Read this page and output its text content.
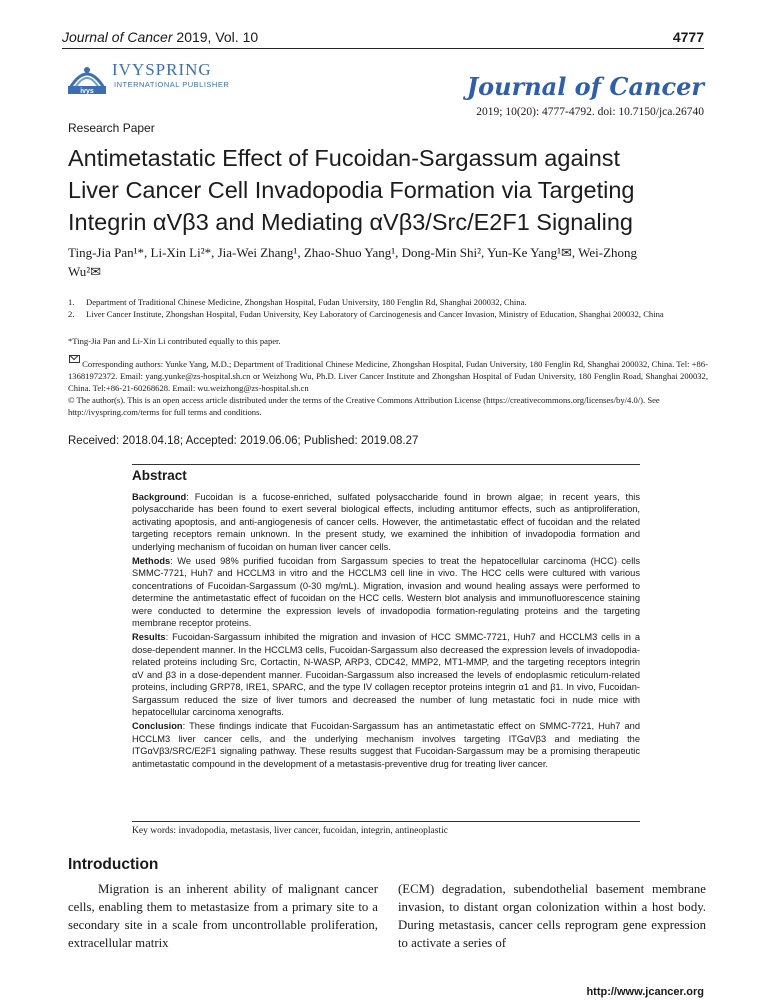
Journal of Cancer 2019, Vol. 10	4777
ivys
IVYSPRING
INTERNATIONAL PUBLISHER	Journal of Cancer
2019; 10(20): 4777-4792. doi: 10.7150/jca.26740
Research Paper
Antimetastatic Effect of Fucoidan-Sargassum against
Liver Cancer Cell Invadopodia Formation via Targeting
Integrin αVβ3 and Mediating αVβ3/Src/E2F1 Signaling
Ting-Jia Pan¹*, Li-Xin Li²*, Jia-Wei Zhang¹, Zhao-Shuo Yang¹, Dong-Min Shi², Yun-Ke Yang¹✉, Wei-Zhong
Wu²✉
1.	Department of Traditional Chinese Medicine, Zhongshan Hospital, Fudan University, 180 Fenglin Rd, Shanghai 200032, China.
2.	Liver Cancer Institute, Zhongshan Hospital, Fudan University, Key Laboratory of Carcinogenesis and Cancer Invasion, Ministry of Education, Shanghai 200032, China
*Ting-Jia Pan and Li-Xin Li contributed equally to this paper.
Corresponding authors: Yunke Yang, M.D.; Department of Traditional Chinese Medicine, Zhongshan Hospital, Fudan University, 180 Fenglin Rd, Shanghai 200032, China. Tel: +86-13681972372. Email: yang.yunke@zs-hospital.sh.cn or Weizhong Wu, Ph.D. Liver Cancer Institute and Zhongshan Hospital of Fudan University, 180 Fenglin Road, Shanghai 200032, China. Tel:+86-21-60268628. Email: wu.weizhong@zs-hospital.sh.cn
© The author(s). This is an open access article distributed under the terms of the Creative Commons Attribution License (https://creativecommons.org/licenses/by/4.0/). See http://ivyspring.com/terms for full terms and conditions.
Received: 2018.04.18; Accepted: 2019.06.06; Published: 2019.08.27
Abstract

Background: Fucoidan is a fucose-enriched, sulfated polysaccharide found in brown algae; in recent years, this polysaccharide has been found to exert several biological effects, including antitumor effects, such as antiproliferation, activating apoptosis, and anti-angiogenesis of cancer cells. However, the antimetastatic effect of fucoidan and the related targeting receptors remain unknown. In the present study, we examined the inhibition of invadopodia formation and underlying mechanism of fucoidan on human liver cancer cells.

Methods: We used 98% purified fucoidan from Sargassum species to treat the hepatocellular carcinoma (HCC) cells SMMC-7721, Huh7 and HCCLM3 in vitro and the HCCLM3 cell line in vivo. The HCC cells were cultured with various concentrations of Fucoidan-Sargassum (0-30 mg/mL). Migration, invasion and wound healing assays were performed to determine the antimetastatic effect of fucoidan on the HCC cells. Western blot analysis and immunofluorescence staining were conducted to determine the expression levels of invadopodia formation-regulating proteins and the targeting membrane receptor proteins.

Results: Fucoidan-Sargassum inhibited the migration and invasion of HCC SMMC-7721, Huh7 and HCCLM3 cells in a dose-dependent manner. In the HCCLM3 cells, Fucoidan-Sargassum also decreased the expression levels of invadopodia-related proteins including Src, Cortactin, N-WASP, ARP3, CDC42, MMP2, MT1-MMP, and the targeting receptors integrin αV and β3 in a dose-dependent manner. Fucoidan-Sargassum also increased the levels of endoplasmic reticulum-related proteins, including GRP78, IRE1, SPARC, and the type IV collagen receptor proteins integrin α1 and β1. In vivo, Fucoidan-Sargassum reduced the size of liver tumors and decreased the number of lung metastatic foci in nude mice with hepatocellular carcinoma xenografts.

Conclusion: These findings indicate that Fucoidan-Sargassum has an antimetastatic effect on SMMC-7721, Huh7 and HCCLM3 liver cancer cells, and the underlying mechanism involves targeting ITGαVβ3 and mediating the ITGαVβ3/SRC/E2F1 signaling pathway. These results suggest that Fucoidan-Sargassum may be a promising therapeutic antimetastatic compound in the development of a metastasis-preventive drug for treating liver cancer.

Key words: invadopodia, metastasis, liver cancer, fucoidan, integrin, antineoplastic
Introduction
Migration is an inherent ability of malignant cancer cells, enabling them to metastasize from a primary site to a secondary site in a scale from uncontrollable proliferation, extracellular matrix
(ECM) degradation, subendothelial basement membrane invasion, to distant organ colonization within a host body. During metastasis, cancer cells reprogram gene expression to activate a series of
http://www.jcancer.org
